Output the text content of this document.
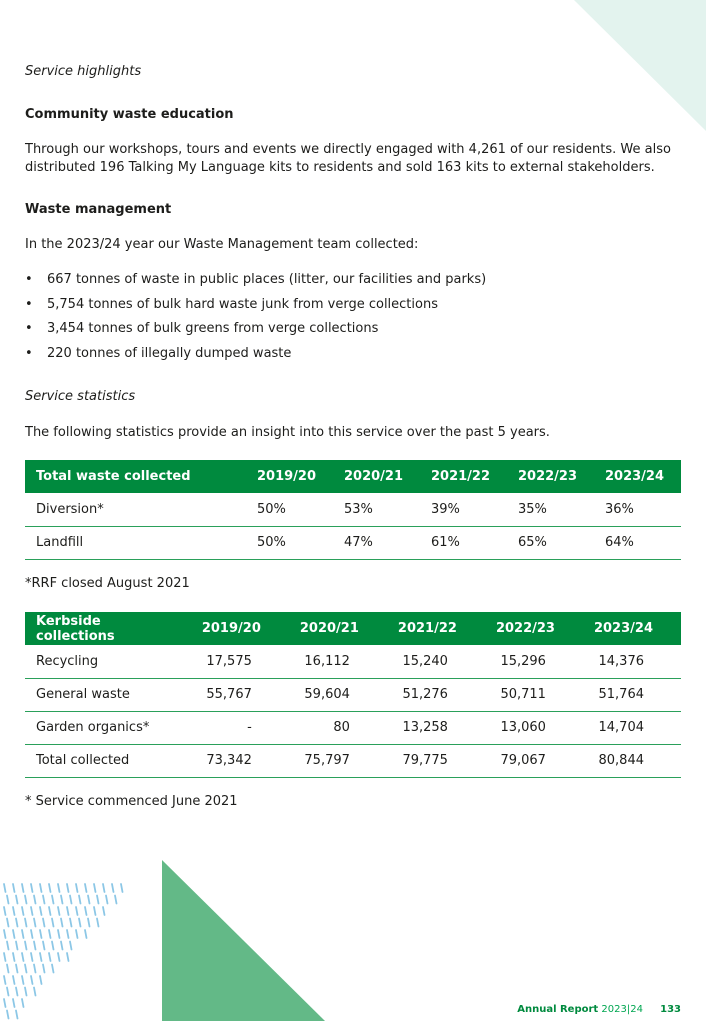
Service highlights
Community waste education
Through our workshops, tours and events we directly engaged with 4,261 of our residents. We also distributed 196 Talking My Language kits to residents and sold 163 kits to external stakeholders.
Waste management
In the 2023/24 year our Waste Management team collected:
• 667 tonnes of waste in public places (litter, our facilities and parks)
• 5,754 tonnes of bulk hard waste junk from verge collections
• 3,454 tonnes of bulk greens from verge collections
• 220 tonnes of illegally dumped waste
Service statistics
The following statistics provide an insight into this service over the past 5 years.
Total waste collected	2019/20	2020/21	2021/22	2022/23	2023/24
Diversion*	50%	53%	39%	35%	36%
Landfill	50%	47%	61%	65%	64%
*RRF closed August 2021
Kerbside collections	2019/20	2020/21	2021/22	2022/23	2023/24
Recycling	17,575	16,112	15,240	15,296	14,376
General waste	55,767	59,604	51,276	50,711	51,764
Garden organics*	-	80	13,258	13,060	14,704
Total collected	73,342	75,797	79,775	79,067	80,844
* Service commenced June 2021
Annual Report 2023|24 133
